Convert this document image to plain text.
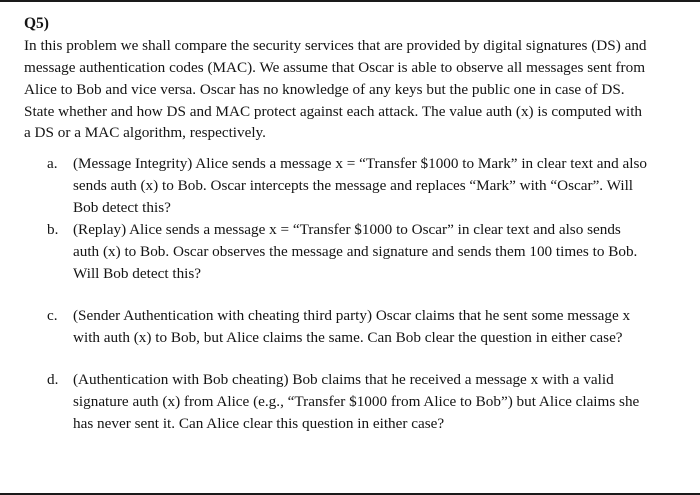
Q5)
In this problem we shall compare the security services that are provided by digital signatures (DS) and
message authentication codes (MAC). We assume that Oscar is able to observe all messages sent from
Alice to Bob and vice versa. Oscar has no knowledge of any keys but the public one in case of DS.
State whether and how DS and MAC protect against each attack. The value auth (x) is computed with
a DS or a MAC algorithm, respectively.
a. (Message Integrity) Alice sends a message x = “Transfer $1000 to Mark” in clear text and also
sends auth (x) to Bob. Oscar intercepts the message and replaces “Mark” with “Oscar”. Will
Bob detect this?
b. (Replay) Alice sends a message x = “Transfer $1000 to Oscar” in clear text and also sends
auth (x) to Bob. Oscar observes the message and signature and sends them 100 times to Bob.
Will Bob detect this?
c. (Sender Authentication with cheating third party) Oscar claims that he sent some message x
with auth (x) to Bob, but Alice claims the same. Can Bob clear the question in either case?
d. (Authentication with Bob cheating) Bob claims that he received a message x with a valid
signature auth (x) from Alice (e.g., “Transfer $1000 from Alice to Bob”) but Alice claims she
has never sent it. Can Alice clear this question in either case?
